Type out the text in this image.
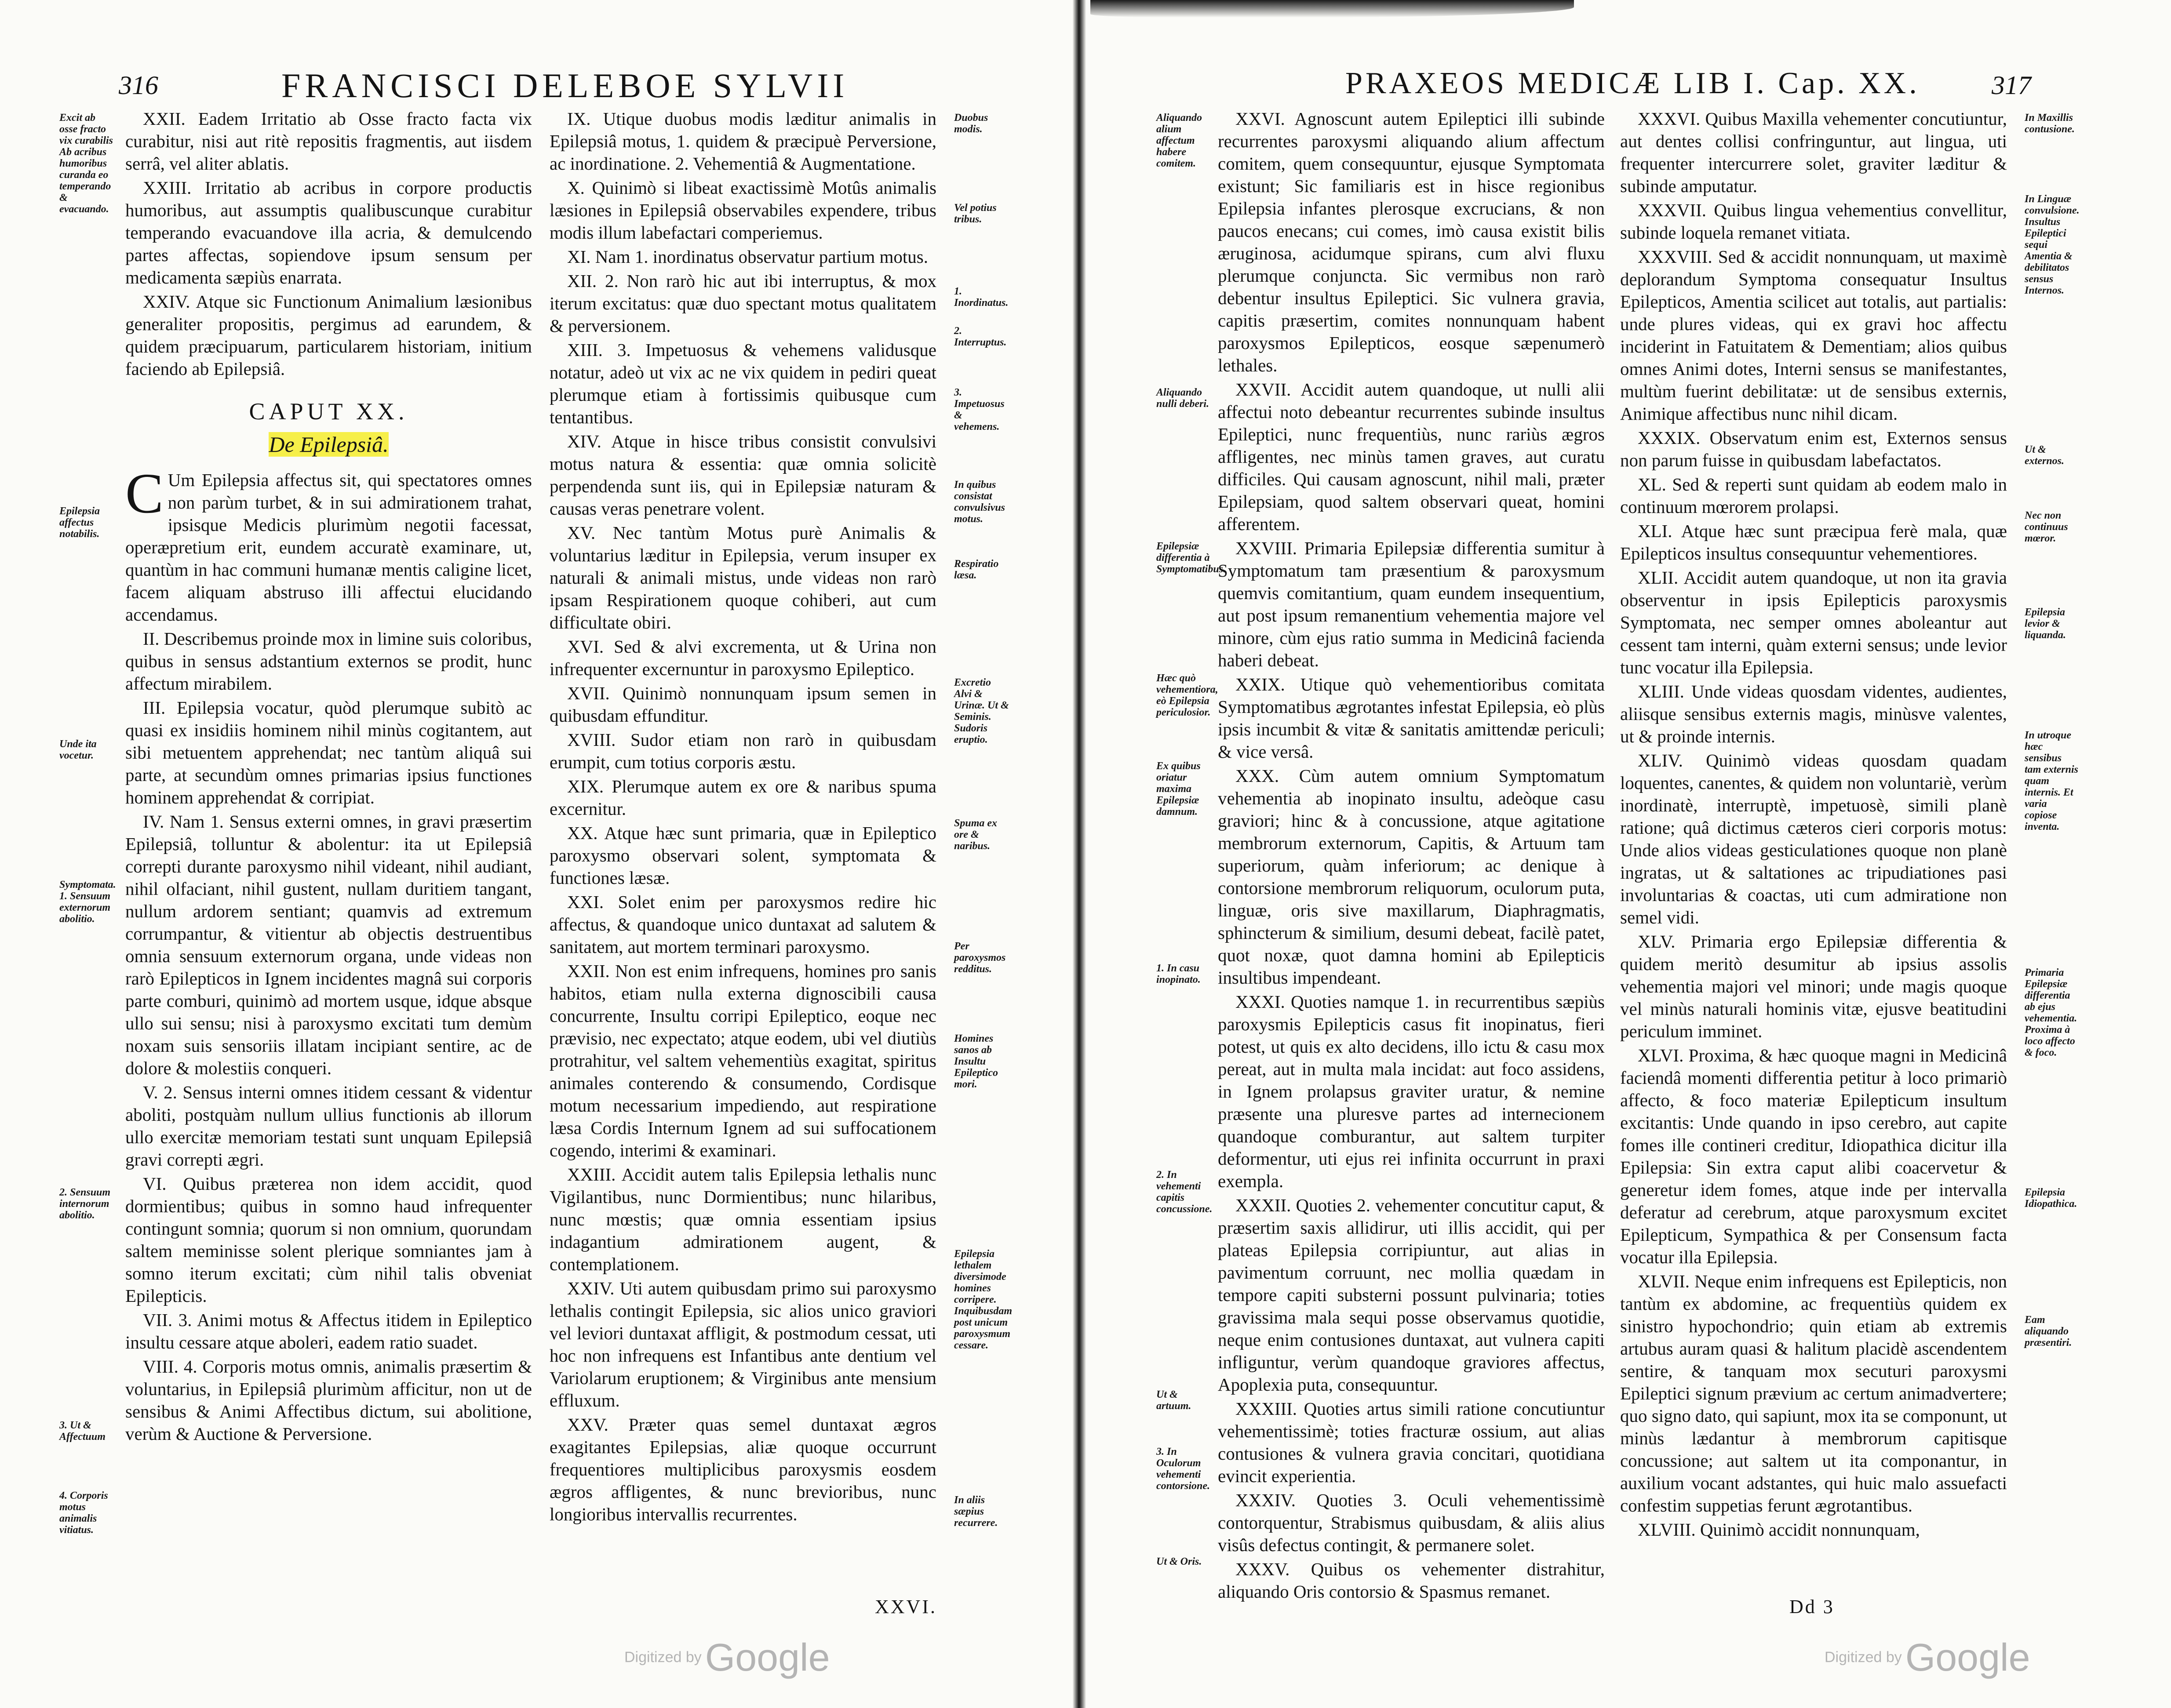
316	FRANCISCI DELEBOE SYLVII
Excit ab osse fracto vix curabilis Ab acribus humoribus curanda eo temperando & evacuando.
Epilepsia affectus notabilis.
Unde ita vocetur.
Symptomata. 1. Sensuum externorum abolitio.
2. Sensuum internorum abolitio.
3. Ut & Affectuum
4. Corporis motus animalis vitiatus.

XXII. Eadem Irritatio ab Osse fracto facta vix curabitur, nisi aut ritè repositis fragmentis, aut iisdem serrâ, vel aliter ablatis.

XXIII. Irritatio ab acribus in corpore productis humoribus, aut assumptis qualibuscunque curabitur temperando evacuandove illa acria, & demulcendo partes affectas, sopiendove ipsum sensum per medicamenta sæpiùs enarrata.

XXIV. Atque sic Functionum Animalium læsionibus generaliter propositis, pergimus ad earundem, & quidem præcipuarum, particularem historiam, initium faciendo ab Epilepsiâ.

CAPUT XX.
De Epilepsiâ.

C Um Epilepsia affectus sit, qui spectatores omnes non parùm turbet, & in sui admirationem trahat, ipsisque Medicis plurimùm negotii facessat, operæpretium erit, eundem accuratè examinare, ut, quantùm in hac communi humanæ mentis caligine licet, facem aliquam abstruso illi affectui elucidando accendamus.

II. Describemus proinde mox in limine suis coloribus, quibus in sensus adstantium externos se prodit, hunc affectum mirabilem.

III. Epilepsia vocatur, quòd plerumque subitò ac quasi ex insidiis hominem nihil minùs cogitantem, aut sibi metuentem apprehendat; nec tantùm aliquâ sui parte, at secundùm omnes primarias ipsius functiones hominem apprehendat & corripiat.

IV. Nam 1. Sensus externi omnes, in gravi præsertim Epilepsiâ, tolluntur & abolentur: ita ut Epilepsiâ correpti durante paroxysmo nihil videant, nihil audiant, nihil olfaciant, nihil gustent, nullam duritiem tangant, nullum ardorem sentiant; quamvis ad extremum corrumpantur, & vitientur ab objectis destruentibus omnia sensuum externorum organa, unde videas non rarò Epilepticos in Ignem incidentes magnâ sui corporis parte comburi, quinimò ad mortem usque, idque absque ullo sui sensu; nisi à paroxysmo excitati tum demùm noxam suis sensoriis illatam incipiant sentire, ac de dolore & molestiis conqueri.

V. 2. Sensus interni omnes itidem cessant & videntur aboliti, postquàm nullum ullius functionis ab illorum ullo exercitæ memoriam testati sunt unquam Epilepsiâ gravi correpti ægri.

VI. Quibus præterea non idem accidit, quod dormientibus; quibus in somno haud infrequenter contingunt somnia; quorum si non omnium, quorundam saltem meminisse solent plerique somniantes jam à somno iterum excitati; cùm nihil talis obveniat Epilepticis.

VII. 3. Animi motus & Affectus itidem in Epileptico insultu cessare atque aboleri, eadem ratio suadet.

VIII. 4. Corporis motus omnis, animalis præsertim & voluntarius, in Epilepsiâ plurimùm afficitur, non ut de sensibus & Animi Affectibus dictum, sui abolitione, verùm & Auctione & Perversione.

IX. Utique duobus modis læditur animalis in Epilepsiâ motus, 1. quidem & præcipuè Perversione, ac inordinatione. 2. Vehementiâ & Augmentatione.

X. Quinimò si libeat exactissimè Motûs animalis læsiones in Epilepsiâ observabiles expendere, tribus modis illum labefactari comperiemus.

XI. Nam 1. inordinatus observatur partium motus.

XII. 2. Non rarò hic aut ibi interruptus, & mox iterum excitatus: quæ duo spectant motus qualitatem & perversionem.

XIII. 3. Impetuosus & vehemens validusque notatur, adeò ut vix ac ne vix quidem in pediri queat plerumque etiam à fortissimis quibusque cum tentantibus.

XIV. Atque in hisce tribus consistit convulsivi motus natura & essentia: quæ omnia solicitè perpendenda sunt iis, qui in Epilepsiæ naturam & causas veras penetrare volent.

XV. Nec tantùm Motus purè Animalis & voluntarius læditur in Epilepsia, verum insuper ex naturali & animali mistus, unde videas non rarò ipsam Respirationem quoque cohiberi, aut cum difficultate obiri.

XVI. Sed & alvi excrementa, ut & Urina non infrequenter excernuntur in paroxysmo Epileptico.

XVII. Quinimò nonnunquam ipsum semen in quibusdam effunditur.

XVIII. Sudor etiam non rarò in quibusdam erumpit, cum totius corporis æstu.

XIX. Plerumque autem ex ore & naribus spuma excernitur.

XX. Atque hæc sunt primaria, quæ in Epileptico paroxysmo observari solent, symptomata & functiones læsæ.

XXI. Solet enim per paroxysmos redire hic affectus, & quandoque unico duntaxat ad salutem & sanitatem, aut mortem terminari paroxysmo.

XXII. Non est enim infrequens, homines pro sanis habitos, etiam nulla externa dignoscibili causa concurrente, Insultu corripi Epileptico, eoque nec prævisio, nec expectato; atque eodem, ubi vel diutiùs protrahitur, vel saltem vehementiùs exagitat, spiritus animales conterendo & consumendo, Cordisque motum necessarium impediendo, aut respiratione læsa Cordis Internum Ignem ad sui suffocationem cogendo, interimi & examinari.

XXIII. Accidit autem talis Epilepsia lethalis nunc Vigilantibus, nunc Dormientibus; nunc hilaribus, nunc mœstis; quæ omnia essentiam ipsius indagantium admirationem augent, & contemplationem.

XXIV. Uti autem quibusdam primo sui paroxysmo lethalis contingit Epilepsia, sic alios unico graviori vel leviori duntaxat affligit, & postmodum cessat, uti hoc non infrequens est Infantibus ante dentium vel Variolarum eruptionem; & Virginibus ante mensium effluxum.

XXV. Præter quas semel duntaxat ægros exagitantes Epilepsias, aliæ quoque occurrunt frequentiores multiplicibus paroxysmis eosdem ægros affligentes, & nunc brevioribus, nunc longioribus intervallis recurrentes.

Duobus modis.
Vel potius tribus.
1. Inordinatus.
2. Interruptus.
3. Impetuosus & vehemens.
In quibus consistat convulsivus motus.
Respiratio læsa.
Excretio Alvi & Urinæ. Ut & Seminis. Sudoris eruptio.
Spuma ex ore & naribus.
Per paroxysmos redditus.
Homines sanos ab Insultu Epileptico mori.
Epilepsia lethalem diversimode homines corripere. Inquibusdam post unicum paroxysmum cessare.
In aliis sæpius recurrere.
XXVI.
Digitized byGoogle
PRAXEOS MEDICÆ LIB I. Cap. XX.	317
Aliquando alium affectum habere comitem.
Aliquando nulli deberi.
Epilepsiæ differentia à Symptomatibus.
Hæc quò vehementiora, eò Epilepsia periculosior.
Ex quibus oriatur maxima Epilepsiæ damnum.
1. In casu inopinato.
2. In vehementi capitis concussione.
Ut & artuum.
3. In Oculorum vehementi contorsione.
Ut & Oris.

XXVI. Agnoscunt autem Epileptici illi subinde recurrentes paroxysmi aliquando alium affectum comitem, quem consequuntur, ejusque Symptomata existunt; Sic familiaris est in hisce regionibus Epilepsia infantes plerosque excrucians, & non paucos enecans; cui comes, imò causa existit bilis æruginosa, acidumque spirans, cum alvi fluxu plerumque conjuncta. Sic vermibus non rarò debentur insultus Epileptici. Sic vulnera gravia, capitis præsertim, comites nonnunquam habent paroxysmos Epilepticos, eosque sæpenumerò lethales.

XXVII. Accidit autem quandoque, ut nulli alii affectui noto debeantur recurrentes subinde insultus Epileptici, nunc frequentiùs, nunc rariùs ægros affligentes, nec minùs tamen graves, aut curatu difficiles. Qui causam agnoscunt, nihil mali, præter Epilepsiam, quod saltem observari queat, homini afferentem.

XXVIII. Primaria Epilepsiæ differentia sumitur à Symptomatum tam præsentium & paroxysmum quemvis comitantium, quam eundem insequentium, aut post ipsum remanentium vehementia majore vel minore, cùm ejus ratio summa in Medicinâ facienda haberi debeat.

XXIX. Utique quò vehementioribus comitata Symptomatibus ægrotantes infestat Epilepsia, eò plùs ipsis incumbit & vitæ & sanitatis amittendæ periculi; & vice versâ.

XXX. Cùm autem omnium Symptomatum vehementia ab inopinato insultu, adeòque casu graviori; hinc & à concussione, atque agitatione membrorum externorum, Capitis, & Artuum tam superiorum, quàm inferiorum; ac denique à contorsione membrorum reliquorum, oculorum puta, linguæ, oris sive maxillarum, Diaphragmatis, sphincterum & similium, desumi debeat, facilè patet, quot noxæ, quot damna homini ab Epilepticis insultibus impendeant.

XXXI. Quoties namque 1. in recurrentibus sæpiùs paroxysmis Epilepticis casus fit inopinatus, fieri potest, ut quis ex alto decidens, illo ictu & casu mox pereat, aut in multa mala incidat: aut foco assidens, in Ignem prolapsus graviter uratur, & nemine præsente una pluresve partes ad internecionem quandoque comburantur, aut saltem turpiter deformentur, uti ejus rei infinita occurrunt in praxi exempla.

XXXII. Quoties 2. vehementer concutitur caput, & præsertim saxis allidirur, uti illis accidit, qui per plateas Epilepsia corripiuntur, aut alias in pavimentum corruunt, nec mollia quædam in tempore capiti substerni possunt pulvinaria; toties gravissima mala sequi posse observamus quotidie, neque enim contusiones duntaxat, aut vulnera capiti infliguntur, verùm quandoque graviores affectus, Apoplexia puta, consequuntur.

XXXIII. Quoties artus simili ratione concutiuntur vehementissimè; toties fracturæ ossium, aut alias contusiones & vulnera gravia concitari, quotidiana evincit experientia.

XXXIV. Quoties 3. Oculi vehementissimè contorquentur, Strabismus quibusdam, & aliis alius visûs defectus contingit, & permanere solet.

XXXV. Quibus os vehementer distrahitur, aliquando Oris contorsio & Spasmus remanet.

XXXVI. Quibus Maxilla vehementer concutiuntur, aut dentes collisi confringuntur, aut lingua, uti frequenter intercurrere solet, graviter læditur & subinde amputatur.

XXXVII. Quibus lingua vehementius convellitur, subinde loquela remanet vitiata.

XXXVIII. Sed & accidit nonnunquam, ut maximè deplorandum Symptoma consequatur Insultus Epilepticos, Amentia scilicet aut totalis, aut partialis: unde plures videas, qui ex gravi hoc affectu inciderint in Fatuitatem & Dementiam; alios quibus omnes Animi dotes, Interni sensus se manifestantes, multùm fuerint debilitatæ: ut de sensibus externis, Animique affectibus nunc nihil dicam.

XXXIX. Observatum enim est, Externos sensus non parum fuisse in quibusdam labefactatos.

XL. Sed & reperti sunt quidam ab eodem malo in continuum mœrorem prolapsi.

XLI. Atque hæc sunt præcipua ferè mala, quæ Epilepticos insultus consequuntur vehementiores.

XLII. Accidit autem quandoque, ut non ita gravia observentur in ipsis Epilepticis paroxysmis Symptomata, nec semper omnes aboleantur aut cessent tam interni, quàm externi sensus; unde levior tunc vocatur illa Epilepsia.

XLIII. Unde videas quosdam videntes, audientes, aliisque sensibus externis magis, minùsve valentes, ut & proinde internis.

XLIV. Quinimò videas quosdam quadam loquentes, canentes, & quidem non voluntariè, verùm inordinatè, interruptè, impetuosè, simili planè ratione; quâ dictimus cæteros cieri corporis motus: Unde alios videas gesticulationes quoque non planè ingratas, ut & saltationes ac tripudiationes pasi involuntarias & coactas, uti cum admiratione non semel vidi.

XLV. Primaria ergo Epilepsiæ differentia & quidem meritò desumitur ab ipsius assolis vehementia majori vel minori; unde magis quoque vel minùs naturali hominis vitæ, ejusve beatitudini periculum imminet.

XLVI. Proxima, & hæc quoque magni in Medicinâ faciendâ momenti differentia petitur à loco primariò affecto, & foco materiæ Epilepticum insultum excitantis: Unde quando in ipso cerebro, aut capite fomes ille contineri creditur, Idiopathica dicitur illa Epilepsia: Sin extra caput alibi coacervetur & generetur idem fomes, atque inde per intervalla deferatur ad cerebrum, atque paroxysmum excitet Epilepticum, Sympathica & per Consensum facta vocatur illa Epilepsia.

XLVII. Neque enim infrequens est Epilepticis, non tantùm ex abdomine, ac frequentiùs quidem ex sinistro hypochondrio; quin etiam ab extremis artubus auram quasi & halitum placidè ascendentem sentire, & tanquam mox secuturi paroxysmi Epileptici signum prævium ac certum animadvertere; quo signo dato, qui sapiunt, mox ita se componunt, ut minùs lædantur à membrorum capitisque concussione; aut saltem ut ita componantur, in auxilium vocant adstantes, qui huic malo assuefacti confestim suppetias ferunt ægrotantibus.

XLVIII. Quinimò accidit nonnunquam,

In Maxillis contusione.
In Linguæ convulsione. Insultus Epileptici sequi Amentia & debilitatos sensus Internos.
Ut & externos.
Nec non continuus mœror.
Epilepsia levior & liquanda.
In utroque hæc sensibus tam externis quam internis. Et varia copiose inventa.
Primaria Epilepsiæ differentia ab ejus vehementia. Proxima à loco affecto & foco.
Epilepsia Idiopathica.
Eam aliquando præsentiri.
Dd 3
Digitized byGoogle
